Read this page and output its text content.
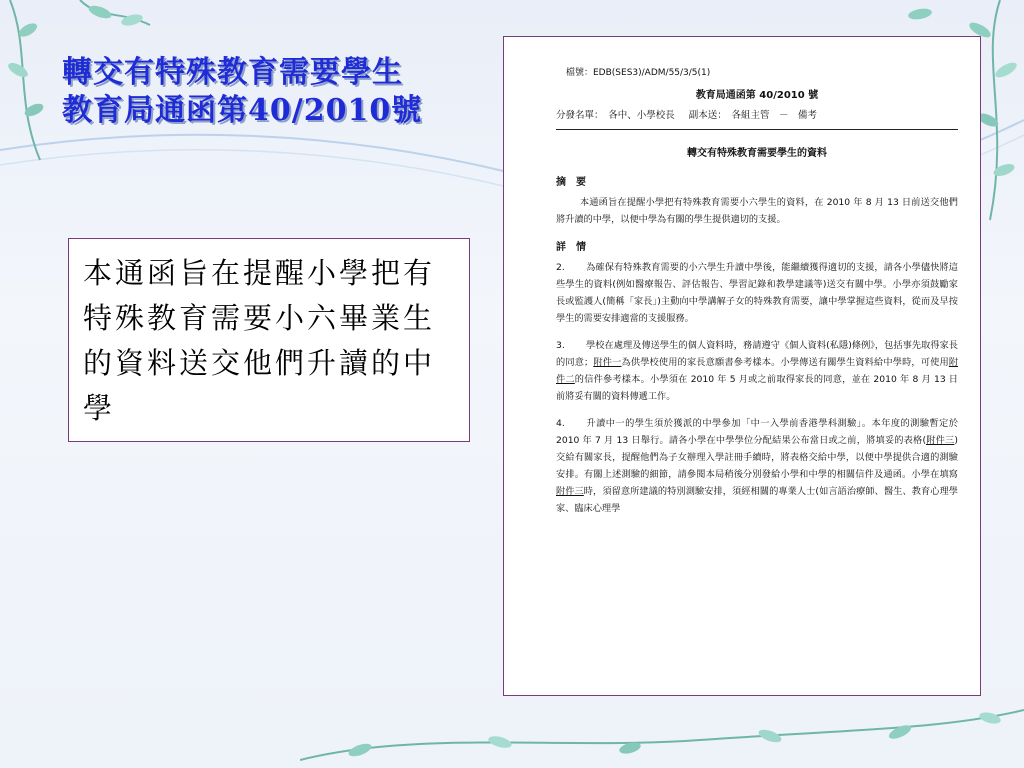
轉交有特殊教育需要學生
教育局通函第40/2010號

本通函旨在提醒小學把有特殊教育需要小六畢業生的資料送交他們升讀的中學

檔號：EDB(SES3)/ADM/55/3/5(1)

教育局通函第 40/2010 號

分發名單：　各中、小學校長 副本送：　各組主管　－　備考

轉交有特殊教育需要學生的資料

摘　要

本通函旨在提醒小學把有特殊教育需要小六學生的資料，在 2010 年 8 月 13 日前送交他們將升讀的中學，以便中學為有關的學生提供適切的支援。

詳　情

2. 為確保有特殊教育需要的小六學生升讀中學後，能繼續獲得適切的支援，請各小學儘快將這些學生的資料(例如醫療報告、評估報告、學習記錄和教學建議等)送交有關中學。小學亦須鼓勵家長或監護人(簡稱「家長」)主動向中學講解子女的特殊教育需要，讓中學掌握這些資料，從而及早按學生的需要安排適當的支援服務。

3. 學校在處理及傳送學生的個人資料時，務請遵守《個人資料(私隱)條例》，包括事先取得家長的同意；附件一為供學校使用的家長意願書參考樣本。小學傳送有關學生資料給中學時，可使用附件二的信件參考樣本。小學須在 2010 年 5 月或之前取得家長的同意，並在 2010 年 8 月 13 日前將妥有關的資料傳遞工作。

4. 升讀中一的學生須於獲派的中學參加「中一入學前香港學科測驗」。本年度的測驗暫定於 2010 年 7 月 13 日舉行。請各小學在中學學位分配結果公布當日或之前，將填妥的表格(附件三)交給有關家長，提醒他們為子女辦理入學註冊手續時，將表格交給中學，以便中學提供合適的測驗安排。有關上述測驗的細節，請參閱本局稍後分別發給小學和中學的相關信件及通函。小學在填寫附件三時，須留意所建議的特別測驗安排，須經相關的專業人士(如言語治療師、醫生、教育心理學家、臨床心理學
